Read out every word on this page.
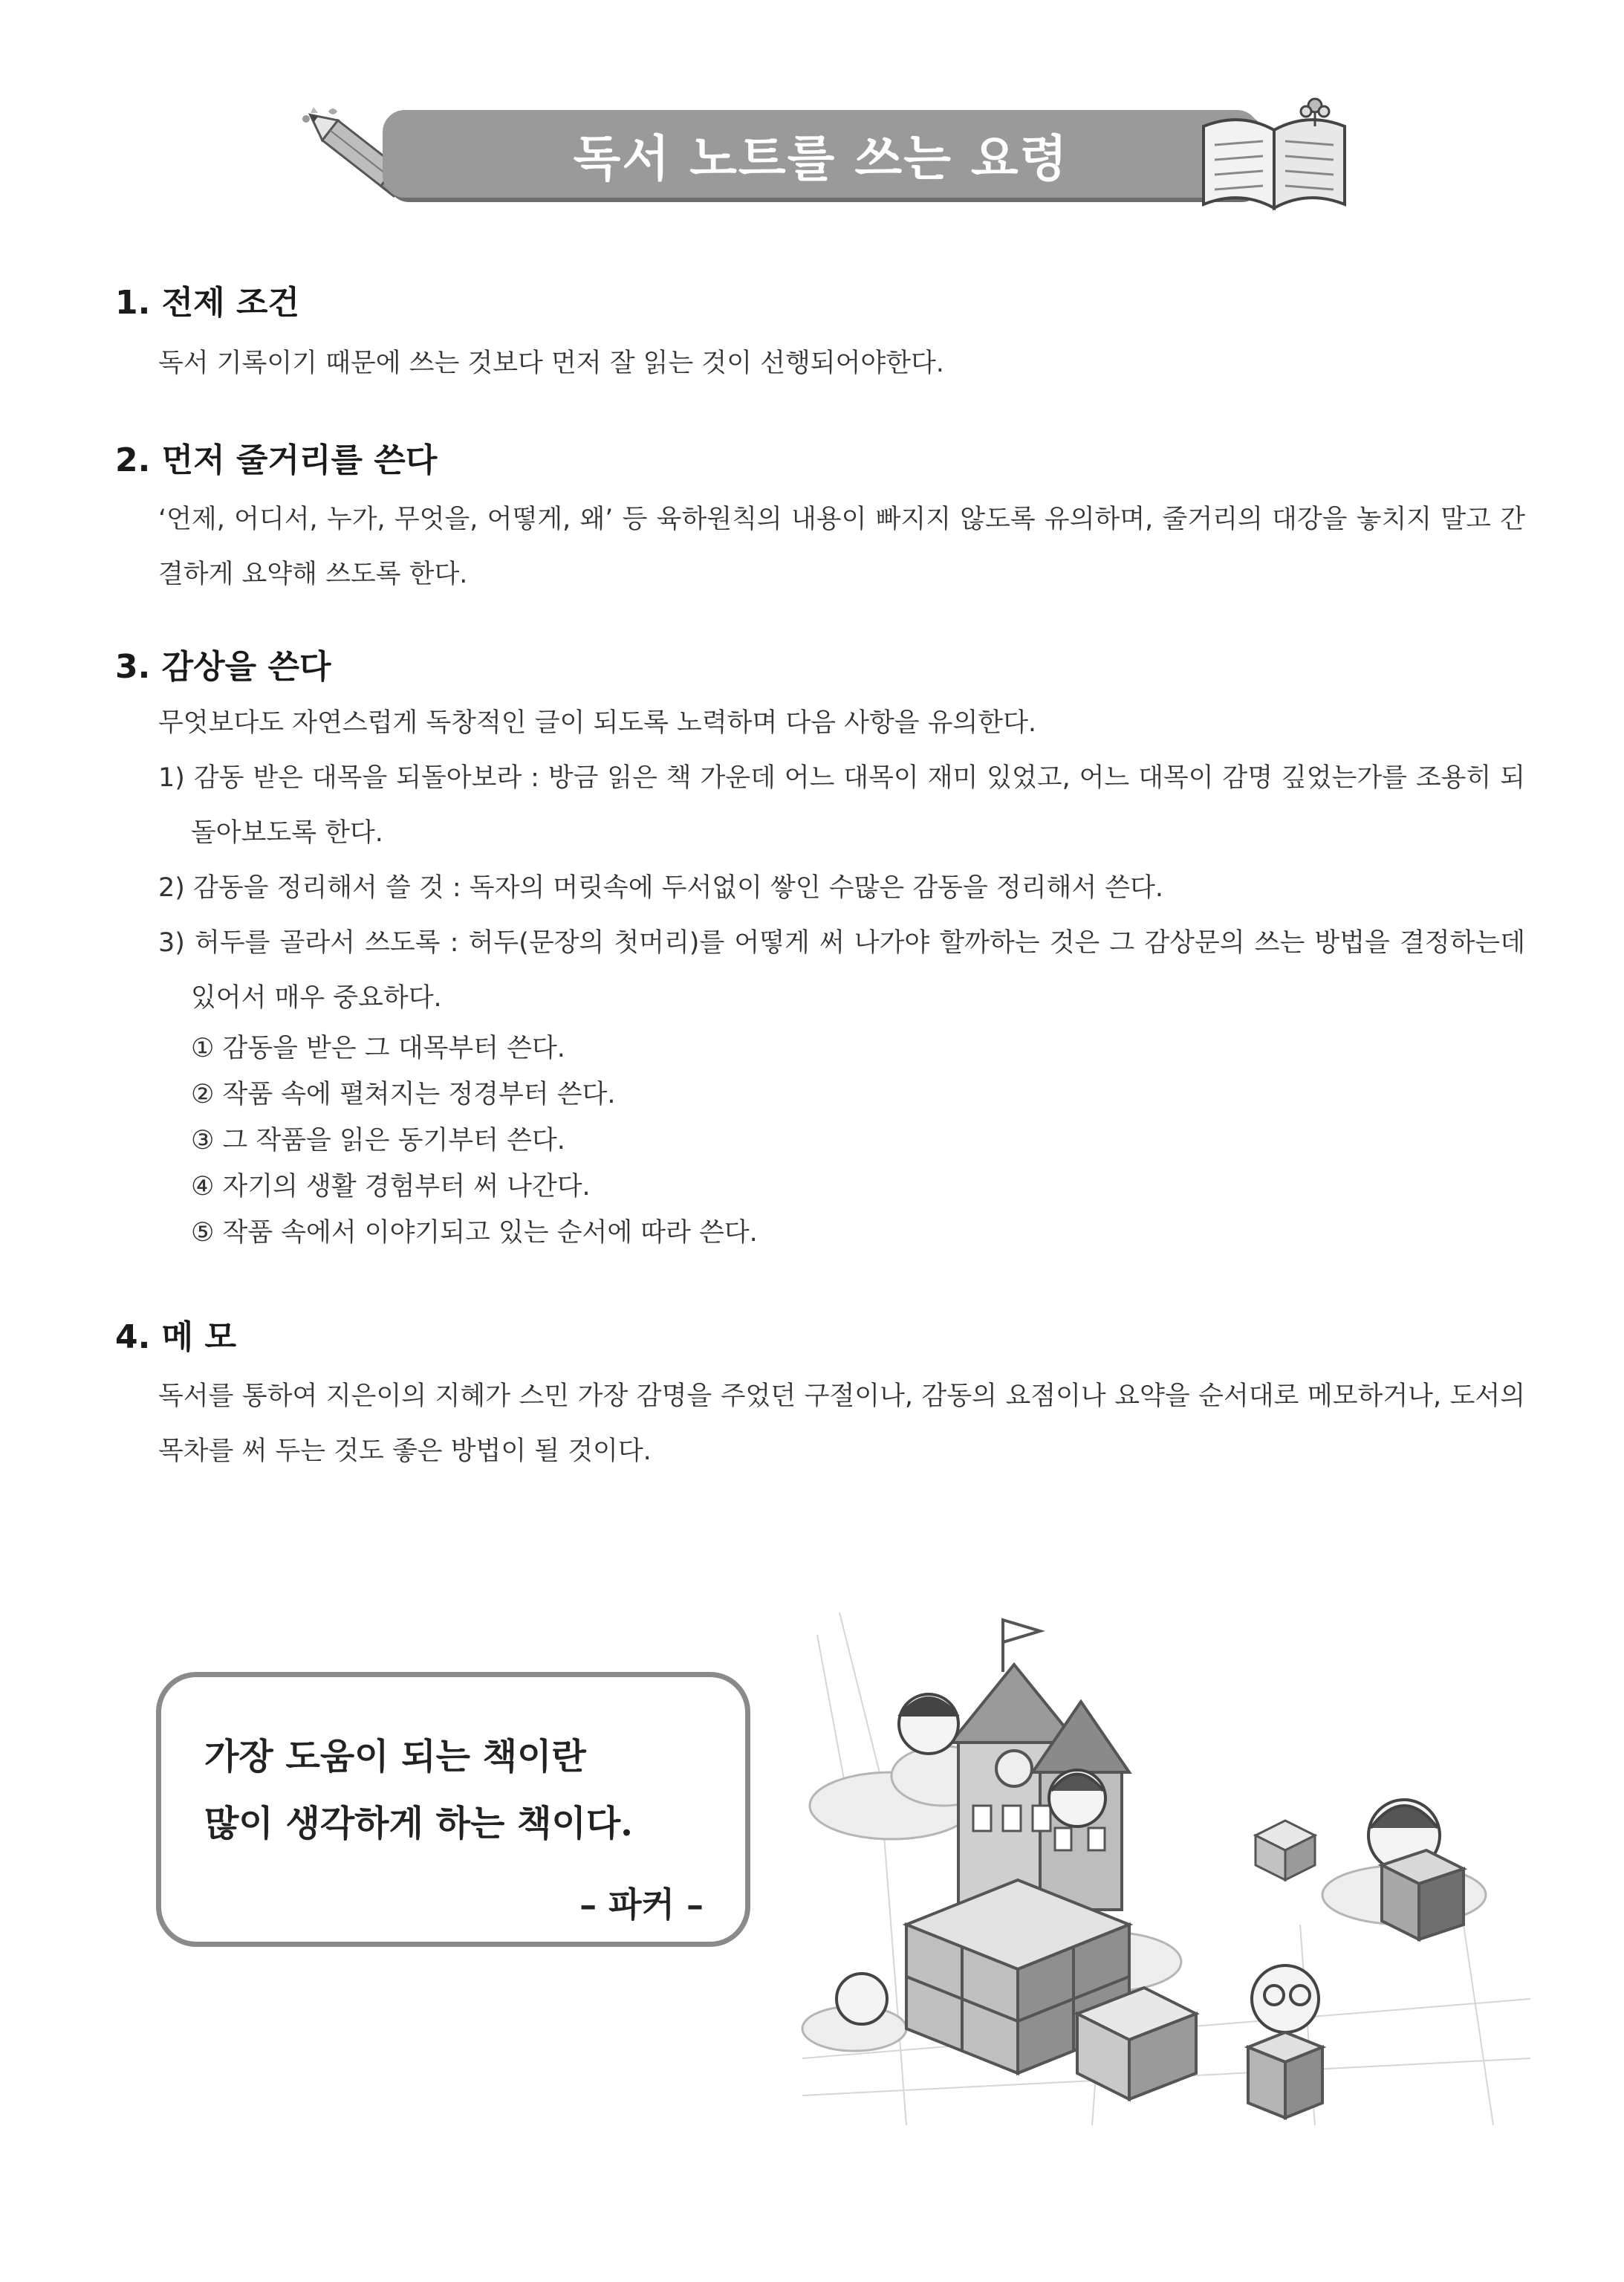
독서 노트를 쓰는 요령
1. 전제 조건

독서 기록이기 때문에 쓰는 것보다 먼저 잘 읽는 것이 선행되어야한다.

2. 먼저 줄거리를 쓴다

‘언제, 어디서, 누가, 무엇을, 어떻게, 왜’ 등 육하원칙의 내용이 빠지지 않도록 유의하며, 줄거리의 대강을 놓치지 말고 간결하게 요약해 쓰도록 한다.

3. 감상을 쓴다

무엇보다도 자연스럽게 독창적인 글이 되도록 노력하며 다음 사항을 유의한다.

1) 감동 받은 대목을 되돌아보라 : 방금 읽은 책 가운데 어느 대목이 재미 있었고, 어느 대목이 감명 깊었는가를 조용히 되돌아보도록 한다.

2) 감동을 정리해서 쓸 것 : 독자의 머릿속에 두서없이 쌓인 수많은 감동을 정리해서 쓴다.

3) 허두를 골라서 쓰도록 : 허두(문장의 첫머리)를 어떻게 써 나가야 할까하는 것은 그 감상문의 쓰는 방법을 결정하는데 있어서 매우 중요하다.

① 감동을 받은 그 대목부터 쓴다.

② 작품 속에 펼쳐지는 정경부터 쓴다.

③ 그 작품을 읽은 동기부터 쓴다.

④ 자기의 생활 경험부터 써 나간다.

⑤ 작품 속에서 이야기되고 있는 순서에 따라 쓴다.

4. 메 모

독서를 통하여 지은이의 지혜가 스민 가장 감명을 주었던 구절이나, 감동의 요점이나 요약을 순서대로 메모하거나, 도서의 목차를 써 두는 것도 좋은 방법이 될 것이다.

가장 도움이 되는 책이란
많이 생각하게 하는 책이다.
– 파커 –
